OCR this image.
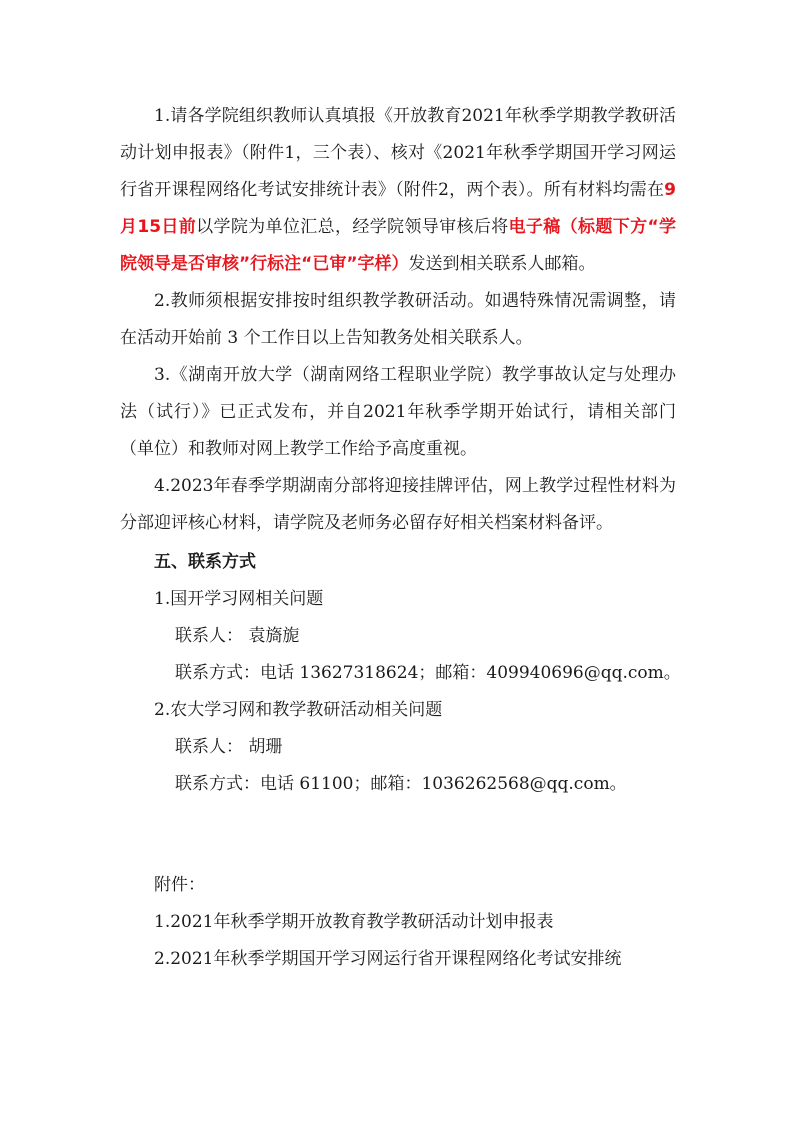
1.请各学院组织教师认真填报《开放教育2021年秋季学期教学教研活动计划申报表》（附件1，三个表）、核对《2021年秋季学期国开学习网运行省开课程网络化考试安排统计表》（附件2，两个表）。所有材料均需在9月15日前以学院为单位汇总，经学院领导审核后将电子稿（标题下方“学院领导是否审核”行标注“已审”字样）发送到相关联系人邮箱。

2.教师须根据安排按时组织教学教研活动。如遇特殊情况需调整，请在活动开始前 3 个工作日以上告知教务处相关联系人。

3.《湖南开放大学（湖南网络工程职业学院）教学事故认定与处理办法（试行）》已正式发布，并自2021年秋季学期开始试行，请相关部门（单位）和教师对网上教学工作给予高度重视。

4.2023年春季学期湖南分部将迎接挂牌评估，网上教学过程性材料为分部迎评核心材料，请学院及老师务必留存好相关档案材料备评。

五、联系方式

1.国开学习网相关问题

联系人： 袁旖旎

联系方式：电话 13627318624；邮箱：409940696@qq.com。

2.农大学习网和教学教研活动相关问题

联系人： 胡珊

联系方式：电话 61100；邮箱：1036262568@qq.com。

附件：

1.2021年秋季学期开放教育教学教研活动计划申报表

2.2021年秋季学期国开学习网运行省开课程网络化考试安排统
